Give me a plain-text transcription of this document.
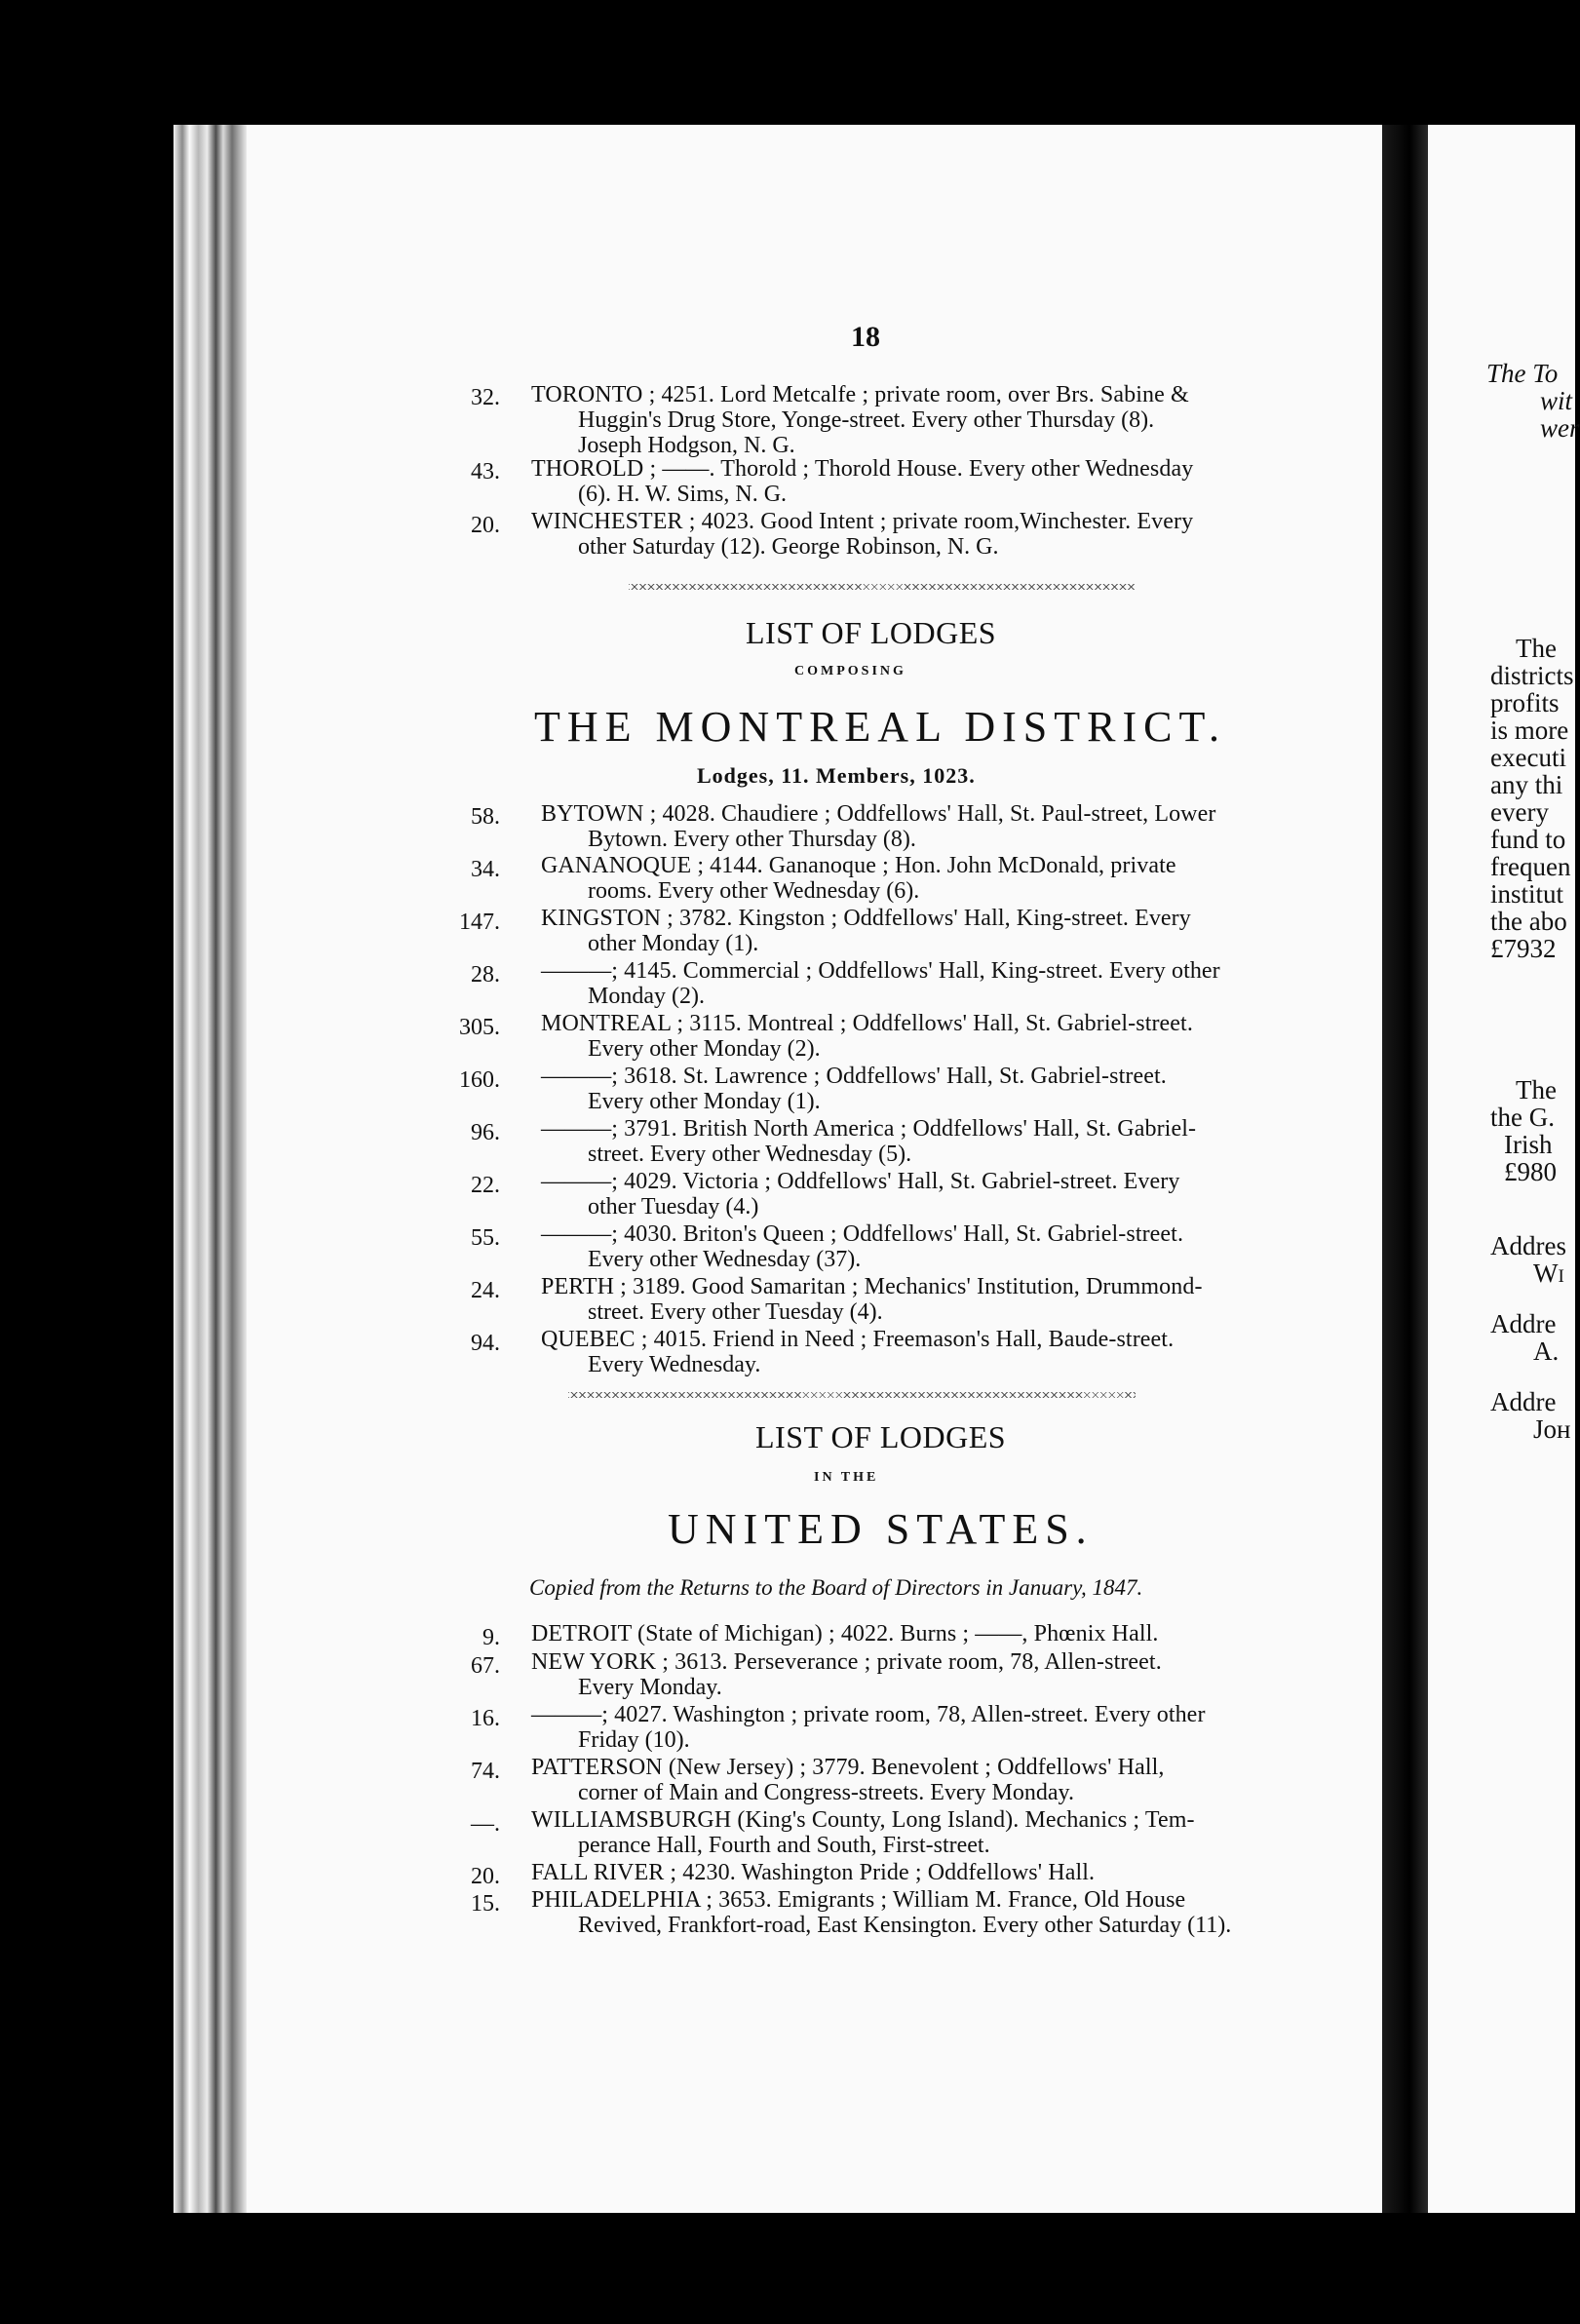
18
32. TORONTO ; 4251. Lord Metcalfe ; private room, over Brs. Sabine &
Huggin's Drug Store, Yonge-street. Every other Thursday (8).
Joseph Hodgson, N. G.
43. THOROLD ; ——. Thorold ; Thorold House. Every other Wednesday
(6). H. W. Sims, N. G.
20. WINCHESTER ; 4023. Good Intent ; private room,Winchester. Every
other Saturday (12). George Robinson, N. G.
LIST OF LODGES
COMPOSING
THE MONTREAL DISTRICT.
Lodges, 11. Members, 1023.
58. BYTOWN ; 4028. Chaudiere ; Oddfellows' Hall, St. Paul-street, Lower
Bytown. Every other Thursday (8).
34. GANANOQUE ; 4144. Gananoque ; Hon. John McDonald, private
rooms. Every other Wednesday (6).
147. KINGSTON ; 3782. Kingston ; Oddfellows' Hall, King-street. Every
other Monday (1).
28. ———; 4145. Commercial ; Oddfellows' Hall, King-street. Every other
Monday (2).
305. MONTREAL ; 3115. Montreal ; Oddfellows' Hall, St. Gabriel-street.
Every other Monday (2).
160. ———; 3618. St. Lawrence ; Oddfellows' Hall, St. Gabriel-street.
Every other Monday (1).
96. ———; 3791. British North America ; Oddfellows' Hall, St. Gabriel-
street. Every other Wednesday (5).
22. ———; 4029. Victoria ; Oddfellows' Hall, St. Gabriel-street. Every
other Tuesday (4.)
55. ———; 4030. Briton's Queen ; Oddfellows' Hall, St. Gabriel-street.
Every other Wednesday (37).
24. PERTH ; 3189. Good Samaritan ; Mechanics' Institution, Drummond-
street. Every other Tuesday (4).
94. QUEBEC ; 4015. Friend in Need ; Freemason's Hall, Baude-street.
Every Wednesday.
LIST OF LODGES
IN THE
UNITED STATES.
Copied from the Returns to the Board of Directors in January, 1847.
9. DETROIT (State of Michigan) ; 4022. Burns ; ——, Phœnix Hall.
67. NEW YORK ; 3613. Perseverance ; private room, 78, Allen-street.
Every Monday.
16. ———; 4027. Washington ; private room, 78, Allen-street. Every other
Friday (10).
74. PATTERSON (New Jersey) ; 3779. Benevolent ; Oddfellows' Hall,
corner of Main and Congress-streets. Every Monday.
—. WILLIAMSBURGH (King's County, Long Island). Mechanics ; Tem-
perance Hall, Fourth and South, First-street.
20. FALL RIVER ; 4230. Washington Pride ; Oddfellows' Hall.
15. PHILADELPHIA ; 3653. Emigrants ; William M. France, Old House
Revived, Frankfort-road, East Kensington. Every other Saturday (11).
The To
wit
wer
The
districts
profits
is more
executi
any thi
every
fund to
frequen
institut
the abo
£7932
The
the G.
Irish
£980
Addres
Wi
Addre
A.
Addre
Joн
